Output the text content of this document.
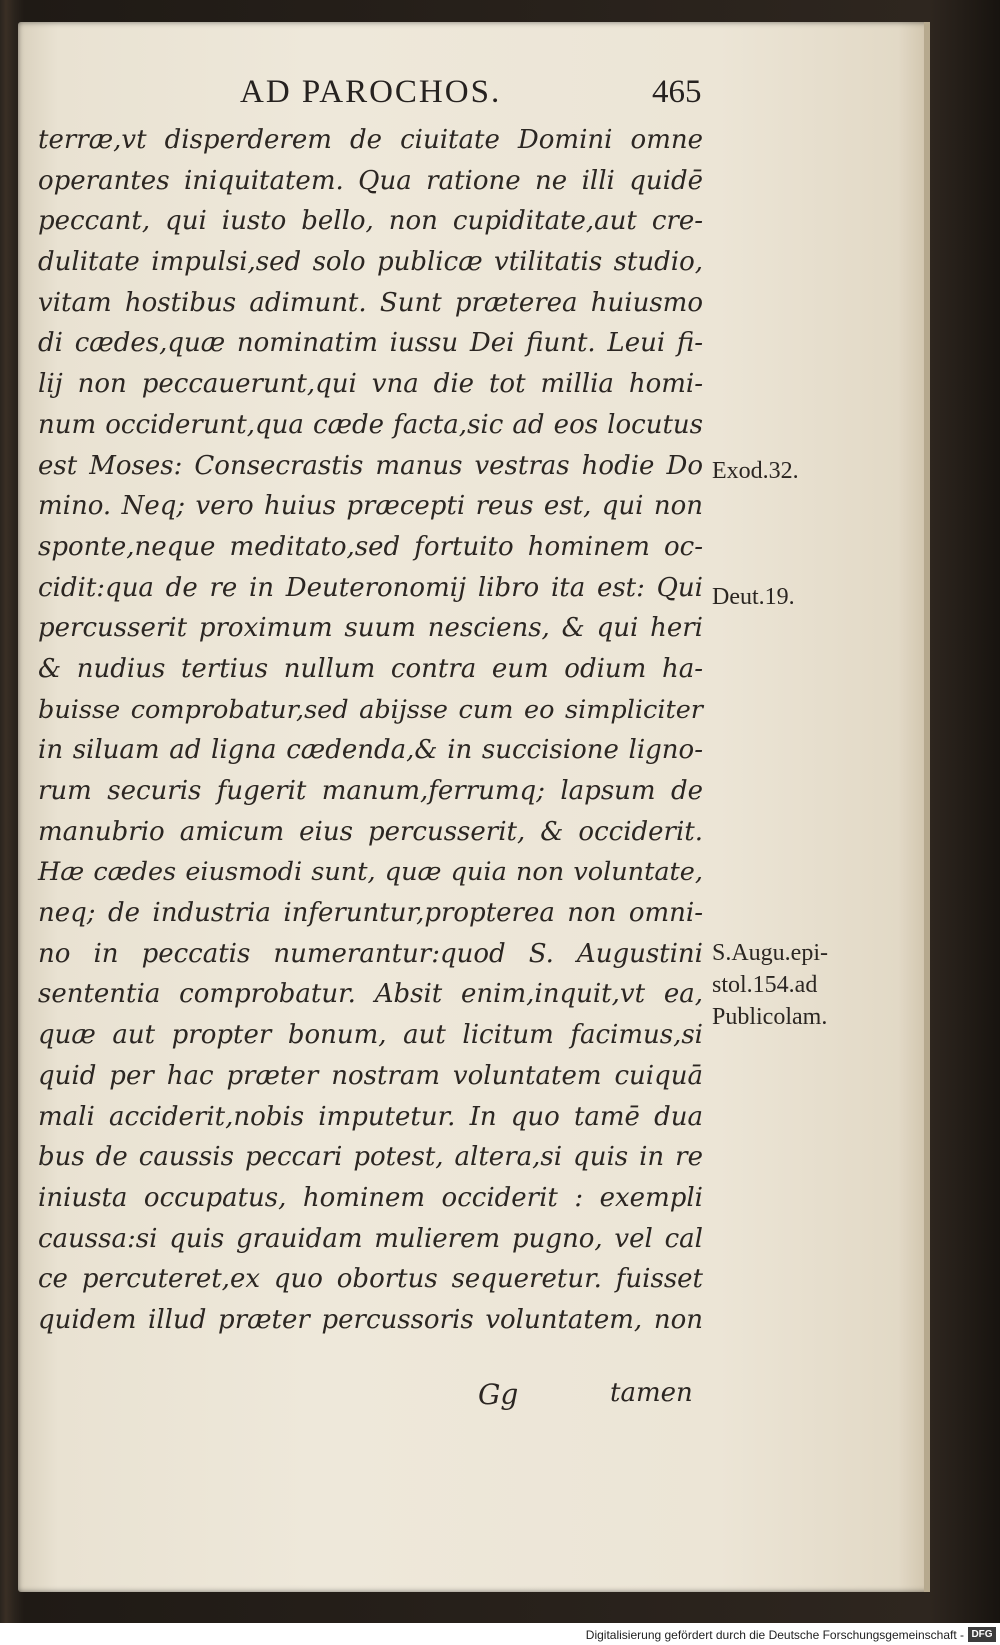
AD PAROCHOS.	465
terræ,vt disperderem de ciuitate Domini omne
operantes iniquitatem. Qua ratione ne illi quidē
peccant, qui iusto bello, non cupiditate,aut cre-
dulitate impulsi,sed solo publicæ vtilitatis studio,
vitam hostibus adimunt. Sunt præterea huiusmo
di cædes,quæ nominatim iussu Dei fiunt. Leui fi-
lij non peccauerunt,qui vna die tot millia homi-
num occiderunt,qua cæde facta,sic ad eos locutus
est Moses: Consecrastis manus vestras hodie Do
mino. Neq; vero huius præcepti reus est, qui non
sponte,neque meditato,sed fortuito hominem oc-
cidit:qua de re in Deuteronomij libro ita est: Qui
percusserit proximum suum nesciens, & qui heri
& nudius tertius nullum contra eum odium ha-
buisse comprobatur,sed abijsse cum eo simpliciter
in siluam ad ligna cædenda,& in succisione ligno-
rum securis fugerit manum,ferrumq; lapsum de
manubrio amicum eius percusserit, & occiderit.
Hæ cædes eiusmodi sunt, quæ quia non voluntate,
neq; de industria inferuntur,propterea non omni-
no in peccatis numerantur:quod S. Augustini
sententia comprobatur. Absit enim,inquit,vt ea,
quæ aut propter bonum, aut licitum facimus,si
quid per hac præter nostram voluntatem cuiquā
mali acciderit,nobis imputetur. In quo tamē dua
bus de caussis peccari potest, altera,si quis in re
iniusta occupatus, hominem occiderit : exempli
caussa:si quis grauidam mulierem pugno, vel cal
ce percuteret,ex quo obortus sequeretur. fuisset
quidem illud præter percussoris voluntatem, non
Exod.32.
Deut.19.
S.Augu.epi-
stol.154.ad
Publicolam.
Gg	tamen
Digitalisierung gefördert durch die Deutsche Forschungsgemeinschaft - DFG
